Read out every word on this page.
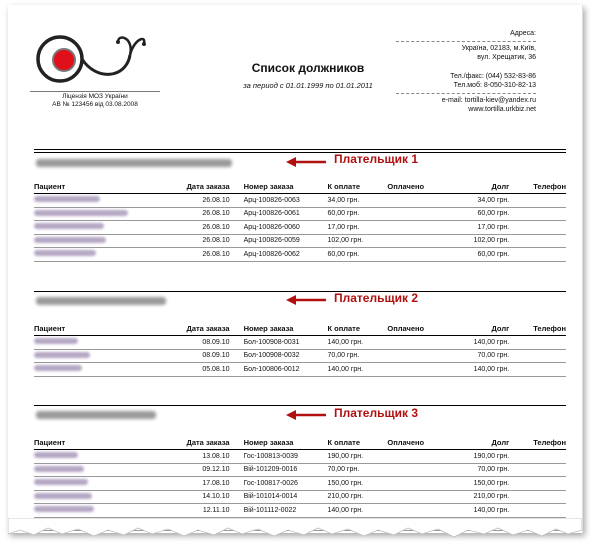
Ліцензія МОЗ України
АВ № 123456 від 03.08.2008
Список должников
за период с 01.01.1999 по 01.01.2011
Адреса:
Україна, 02183, м.Київ,
вул. Хрещатик, 36
Тел./факс: (044) 532-83-86
Тел.моб: 8-050-310-82-13
e-mail: tortilla-kiev@yandex.ru
www.tortilla.urkbiz.net
Плательщик 1
Пациент	Дата заказа	Номер заказа	К оплате	Оплачено	Долг	Телефон
	26.08.10	Арц-100826-0063	34,00 грн.		34,00 грн.	
	26.08.10	Арц-100826-0061	60,00 грн.		60,00 грн.	
	26.08.10	Арц-100826-0060	17,00 грн.		17,00 грн.	
	26.08.10	Арц-100826-0059	102,00 грн.		102,00 грн.	
	26.08.10	Арц-100826-0062	60,00 грн.		60,00 грн.	
Плательщик 2
Пациент	Дата заказа	Номер заказа	К оплате	Оплачено	Долг	Телефон
	08.09.10	Бол-100908-0031	140,00 грн.		140,00 грн.	
	08.09.10	Бол-100908-0032	70,00 грн.		70,00 грн.	
	05.08.10	Бол-100806-0012	140,00 грн.		140,00 грн.	
Плательщик 3
Пациент	Дата заказа	Номер заказа	К оплате	Оплачено	Долг	Телефон
	13.08.10	Гос-100813-0039	190,00 грн.		190,00 грн.	
	09.12.10	Вій-101209-0016	70,00 грн.		70,00 грн.	
	17.08.10	Гос-100817-0026	150,00 грн.		150,00 грн.	
	14.10.10	Вій-101014-0014	210,00 грн.		210,00 грн.	
	12.11.10	Вій-101112-0022	140,00 грн.		140,00 грн.	
